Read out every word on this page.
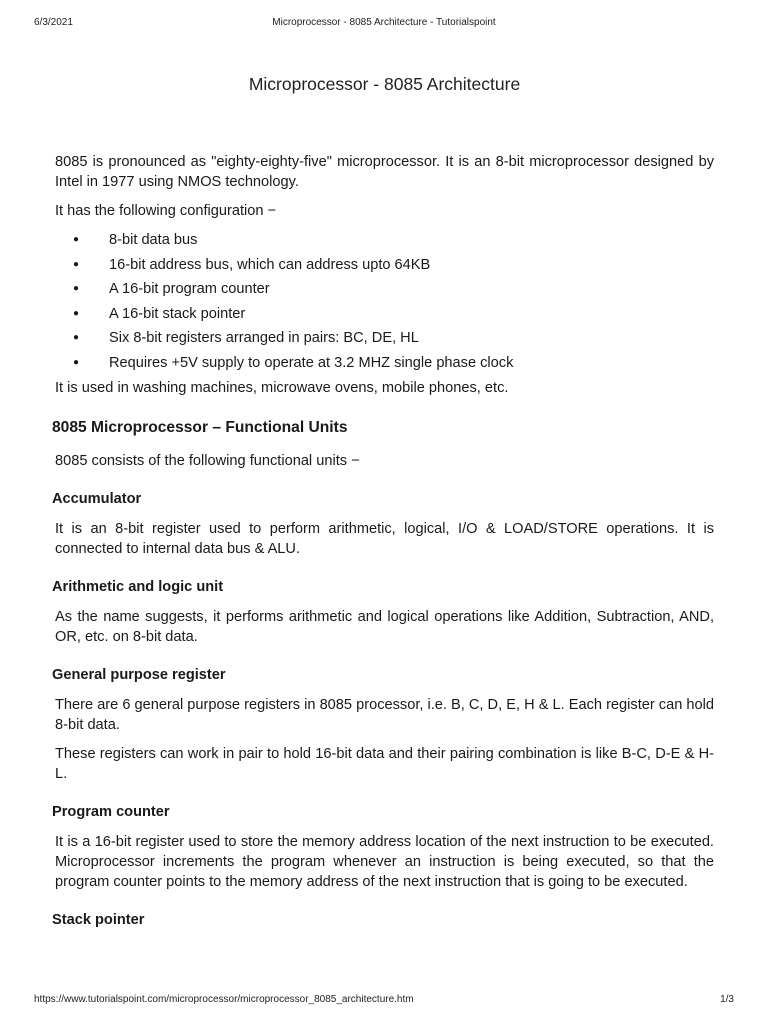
6/3/2021	Microprocessor - 8085 Architecture - Tutorialspoint
Microprocessor - 8085 Architecture

8085 is pronounced as "eighty-eighty-five" microprocessor. It is an 8-bit microprocessor designed by Intel in 1977 using NMOS technology.

It has the following configuration −

● 8-bit data bus
● 16-bit address bus, which can address upto 64KB
● A 16-bit program counter
● A 16-bit stack pointer
● Six 8-bit registers arranged in pairs: BC, DE, HL
● Requires +5V supply to operate at 3.2 MHZ single phase clock

It is used in washing machines, microwave ovens, mobile phones, etc.

8085 Microprocessor – Functional Units

8085 consists of the following functional units −

Accumulator

It is an 8-bit register used to perform arithmetic, logical, I/O & LOAD/STORE operations. It is connected to internal data bus & ALU.

Arithmetic and logic unit

As the name suggests, it performs arithmetic and logical operations like Addition, Subtraction, AND, OR, etc. on 8-bit data.

General purpose register

There are 6 general purpose registers in 8085 processor, i.e. B, C, D, E, H & L. Each register can hold 8-bit data.

These registers can work in pair to hold 16-bit data and their pairing combination is like B-C, D-E & H-L.

Program counter

It is a 16-bit register used to store the memory address location of the next instruction to be executed. Microprocessor increments the program whenever an instruction is being executed, so that the program counter points to the memory address of the next instruction that is going to be executed.

Stack pointer
https://www.tutorialspoint.com/microprocessor/microprocessor_8085_architecture.htm	1/3
